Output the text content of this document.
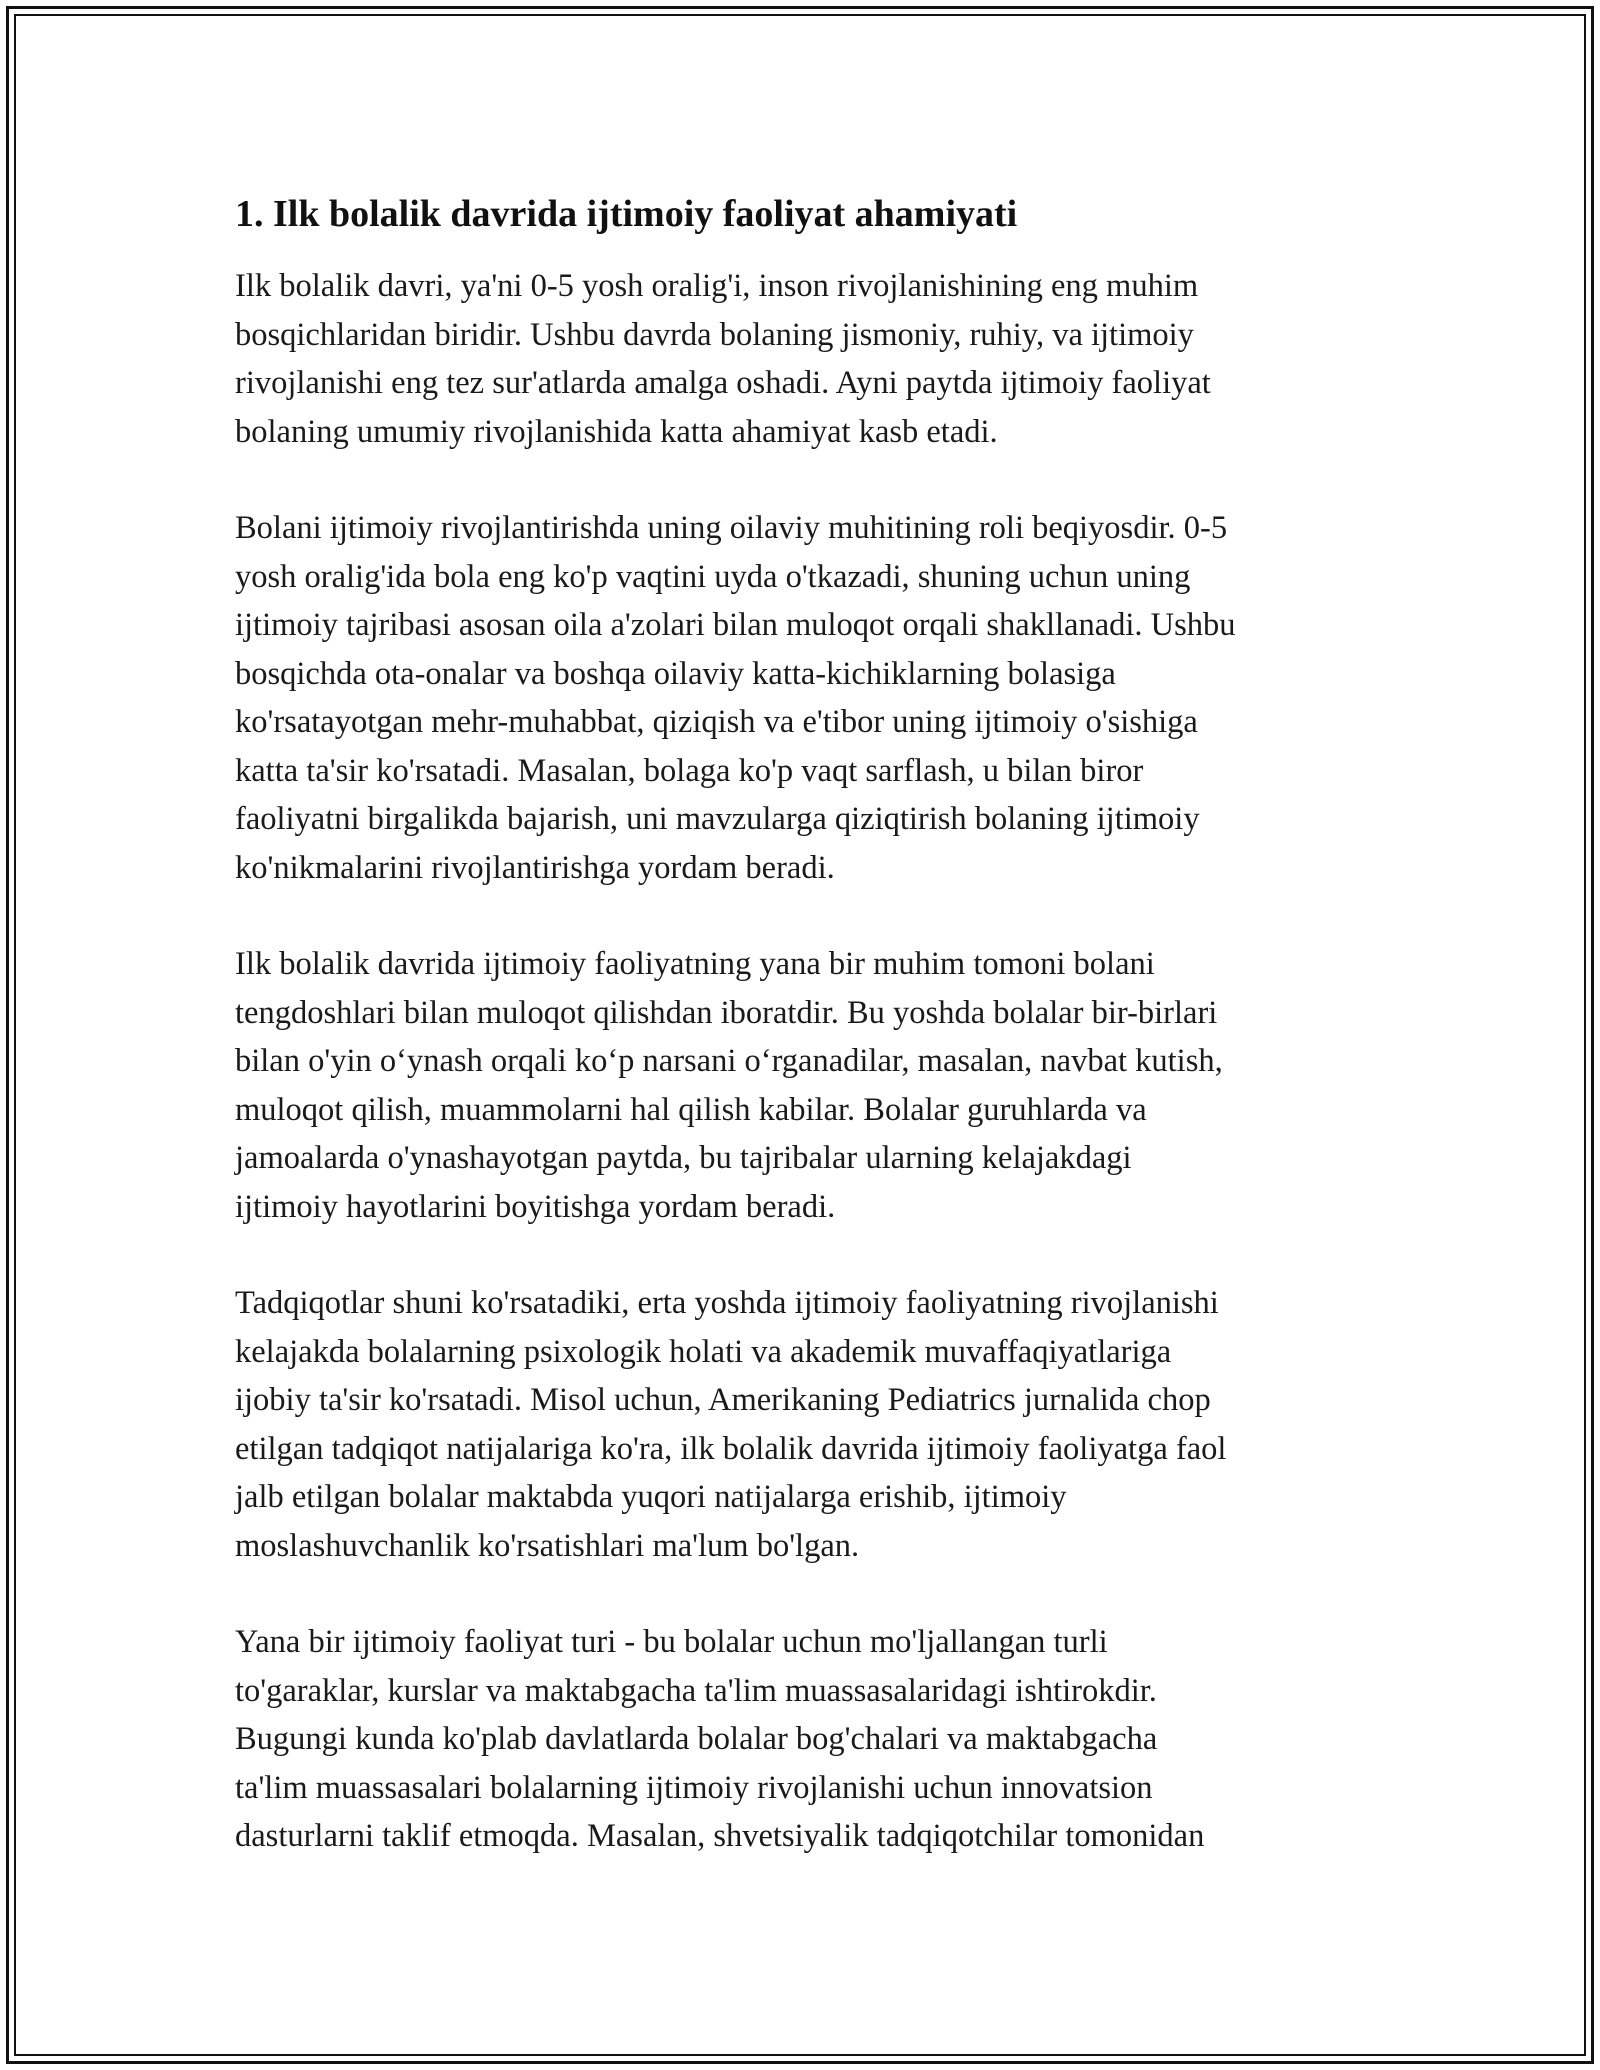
1. Ilk bolalik davrida ijtimoiy faoliyat ahamiyati

Ilk bolalik davri, ya'ni 0-5 yosh oralig'i, inson rivojlanishining eng muhim
bosqichlaridan biridir. Ushbu davrda bolaning jismoniy, ruhiy, va ijtimoiy
rivojlanishi eng tez sur'atlarda amalga oshadi. Ayni paytda ijtimoiy faoliyat
bolaning umumiy rivojlanishida katta ahamiyat kasb etadi.

Bolani ijtimoiy rivojlantirishda uning oilaviy muhitining roli beqiyosdir. 0-5
yosh oralig'ida bola eng ko'p vaqtini uyda o'tkazadi, shuning uchun uning
ijtimoiy tajribasi asosan oila a'zolari bilan muloqot orqali shakllanadi. Ushbu
bosqichda ota-onalar va boshqa oilaviy katta-kichiklarning bolasiga
ko'rsatayotgan mehr-muhabbat, qiziqish va e'tibor uning ijtimoiy o'sishiga
katta ta'sir ko'rsatadi. Masalan, bolaga ko'p vaqt sarflash, u bilan biror
faoliyatni birgalikda bajarish, uni mavzularga qiziqtirish bolaning ijtimoiy
ko'nikmalarini rivojlantirishga yordam beradi.

Ilk bolalik davrida ijtimoiy faoliyatning yana bir muhim tomoni bolani
tengdoshlari bilan muloqot qilishdan iboratdir. Bu yoshda bolalar bir-birlari
bilan o'yin o‘ynash orqali ko‘p narsani o‘rganadilar, masalan, navbat kutish,
muloqot qilish, muammolarni hal qilish kabilar. Bolalar guruhlarda va
jamoalarda o'ynashayotgan paytda, bu tajribalar ularning kelajakdagi
ijtimoiy hayotlarini boyitishga yordam beradi.

Tadqiqotlar shuni ko'rsatadiki, erta yoshda ijtimoiy faoliyatning rivojlanishi
kelajakda bolalarning psixologik holati va akademik muvaffaqiyatlariga
ijobiy ta'sir ko'rsatadi. Misol uchun, Amerikaning Pediatrics jurnalida chop
etilgan tadqiqot natijalariga ko'ra, ilk bolalik davrida ijtimoiy faoliyatga faol
jalb etilgan bolalar maktabda yuqori natijalarga erishib, ijtimoiy
moslashuvchanlik ko'rsatishlari ma'lum bo'lgan.

Yana bir ijtimoiy faoliyat turi - bu bolalar uchun mo'ljallangan turli
to'garaklar, kurslar va maktabgacha ta'lim muassasalaridagi ishtirokdir.
Bugungi kunda ko'plab davlatlarda bolalar bog'chalari va maktabgacha
ta'lim muassasalari bolalarning ijtimoiy rivojlanishi uchun innovatsion
dasturlarni taklif etmoqda. Masalan, shvetsiyalik tadqiqotchilar tomonidan
